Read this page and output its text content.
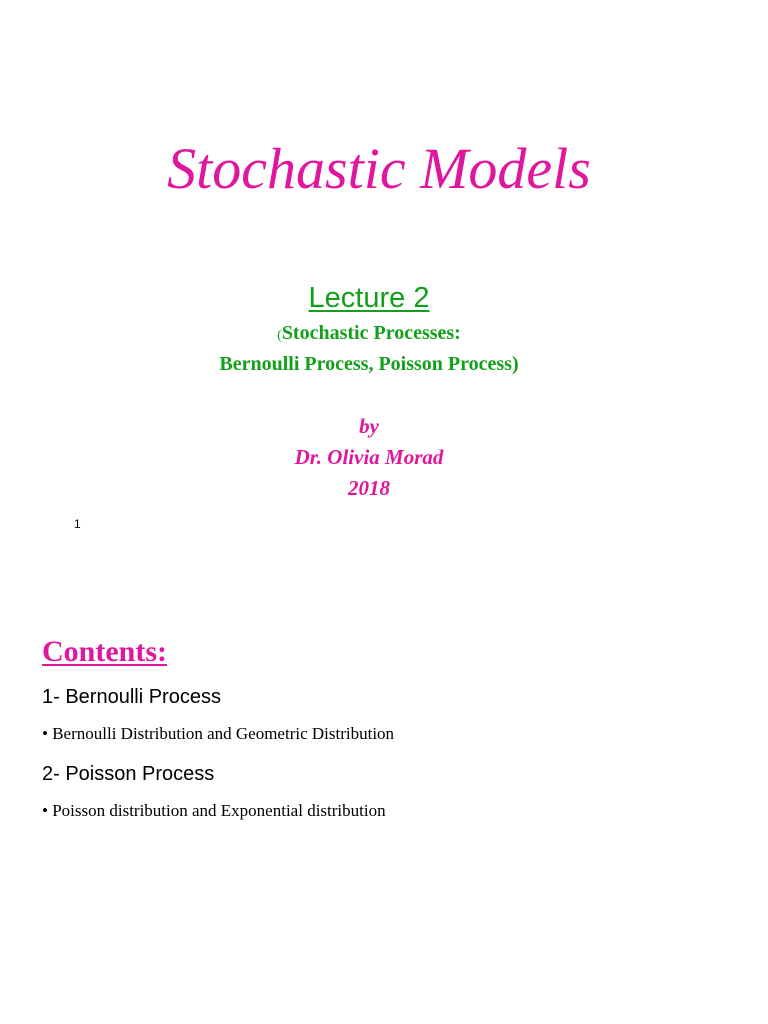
Stochastic Models
Lecture 2
(Stochastic Processes:
Bernoulli Process, Poisson Process)
by
Dr. Olivia Morad
2018
1
Contents:
1- Bernoulli Process
• Bernoulli Distribution and Geometric Distribution
2- Poisson Process
• Poisson distribution and Exponential distribution
